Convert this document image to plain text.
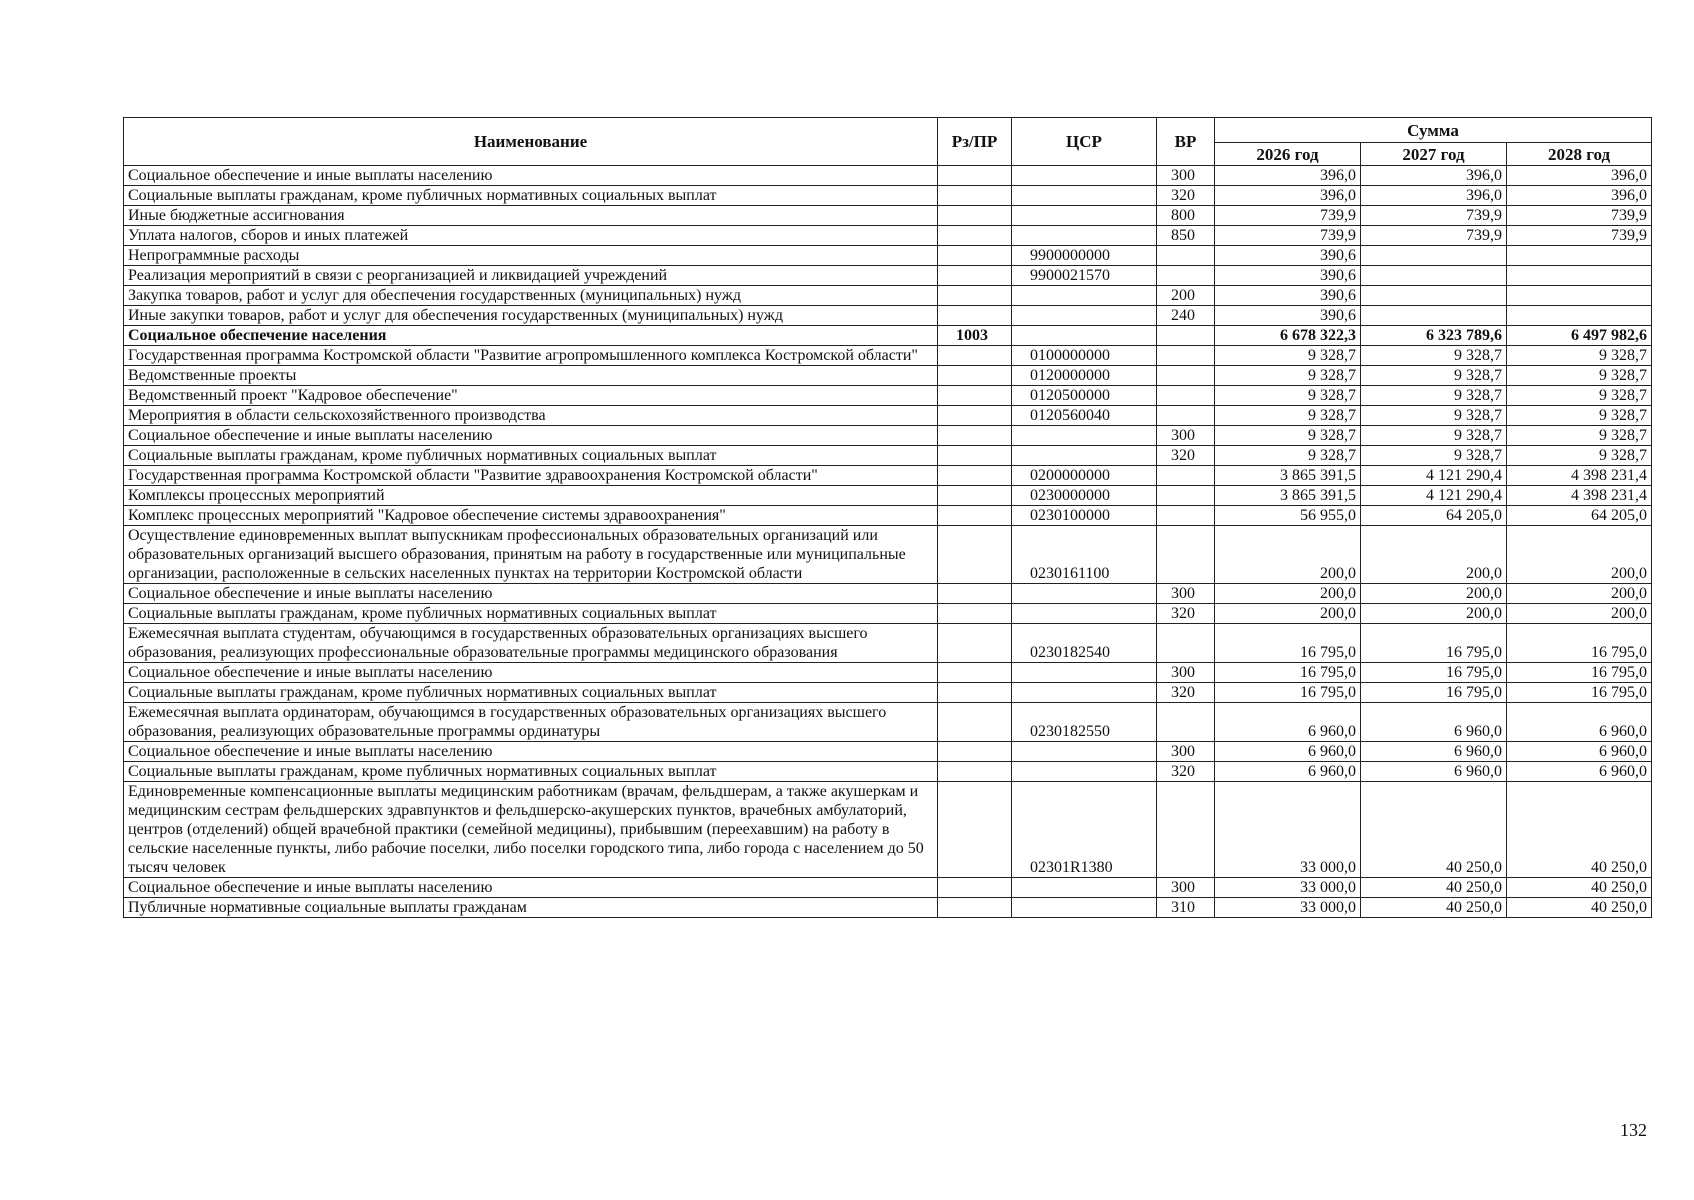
Наименование	Рз/ПР	ЦСР	ВР	Сумма		
				2026 год	2027 год	2028 год
Социальное обеспечение и иные выплаты населению			300	396,0	396,0	396,0
Социальные выплаты гражданам, кроме публичных нормативных социальных выплат			320	396,0	396,0	396,0
Иные бюджетные ассигнования			800	739,9	739,9	739,9
Уплата налогов, сборов и иных платежей			850	739,9	739,9	739,9
Непрограммные расходы		9900000000		390,6		
Реализация мероприятий в связи с реорганизацией и ликвидацией учреждений		9900021570		390,6		
Закупка товаров, работ и услуг для обеспечения государственных (муниципальных) нужд			200	390,6		
Иные закупки товаров, работ и услуг для обеспечения государственных (муниципальных) нужд			240	390,6		
Социальное обеспечение населения	1003			6 678 322,3	6 323 789,6	6 497 982,6
Государственная программа Костромской области "Развитие агропромышленного комплекса Костромской области"		0100000000		9 328,7	9 328,7	9 328,7
Ведомственные проекты		0120000000		9 328,7	9 328,7	9 328,7
Ведомственный проект "Кадровое обеспечение"		0120500000		9 328,7	9 328,7	9 328,7
Мероприятия в области сельскохозяйственного производства		0120560040		9 328,7	9 328,7	9 328,7
Социальное обеспечение и иные выплаты населению			300	9 328,7	9 328,7	9 328,7
Социальные выплаты гражданам, кроме публичных нормативных социальных выплат			320	9 328,7	9 328,7	9 328,7
Государственная программа Костромской области "Развитие здравоохранения Костромской области"		0200000000		3 865 391,5	4 121 290,4	4 398 231,4
Комплексы процессных мероприятий		0230000000		3 865 391,5	4 121 290,4	4 398 231,4
Комплекс процессных мероприятий "Кадровое обеспечение системы здравоохранения"		0230100000		56 955,0	64 205,0	64 205,0
Осуществление единовременных выплат выпускникам профессиональных образовательных организаций или образовательных организаций высшего образования, принятым на работу в государственные или муниципальные организации, расположенные в сельских населенных пунктах на территории Костромской области		0230161100		200,0	200,0	200,0
Социальное обеспечение и иные выплаты населению			300	200,0	200,0	200,0
Социальные выплаты гражданам, кроме публичных нормативных социальных выплат			320	200,0	200,0	200,0
Ежемесячная выплата студентам, обучающимся в государственных образовательных организациях высшего образования, реализующих профессиональные образовательные программы медицинского образования		0230182540		16 795,0	16 795,0	16 795,0
Социальное обеспечение и иные выплаты населению			300	16 795,0	16 795,0	16 795,0
Социальные выплаты гражданам, кроме публичных нормативных социальных выплат			320	16 795,0	16 795,0	16 795,0
Ежемесячная выплата ординаторам, обучающимся в государственных образовательных организациях высшего образования, реализующих образовательные программы ординатуры		0230182550		6 960,0	6 960,0	6 960,0
Социальное обеспечение и иные выплаты населению			300	6 960,0	6 960,0	6 960,0
Социальные выплаты гражданам, кроме публичных нормативных социальных выплат			320	6 960,0	6 960,0	6 960,0
Единовременные компенсационные выплаты медицинским работникам (врачам, фельдшерам, а также акушеркам и медицинским сестрам фельдшерских здравпунктов и фельдшерско-акушерских пунктов, врачебных амбулаторий, центров (отделений) общей врачебной практики (семейной медицины), прибывшим (переехавшим) на работу в сельские населенные пункты, либо рабочие поселки, либо поселки городского типа, либо города с населением до 50 тысяч человек		02301R1380		33 000,0	40 250,0	40 250,0
Социальное обеспечение и иные выплаты населению			300	33 000,0	40 250,0	40 250,0
Публичные нормативные социальные выплаты гражданам			310	33 000,0	40 250,0	40 250,0
132
